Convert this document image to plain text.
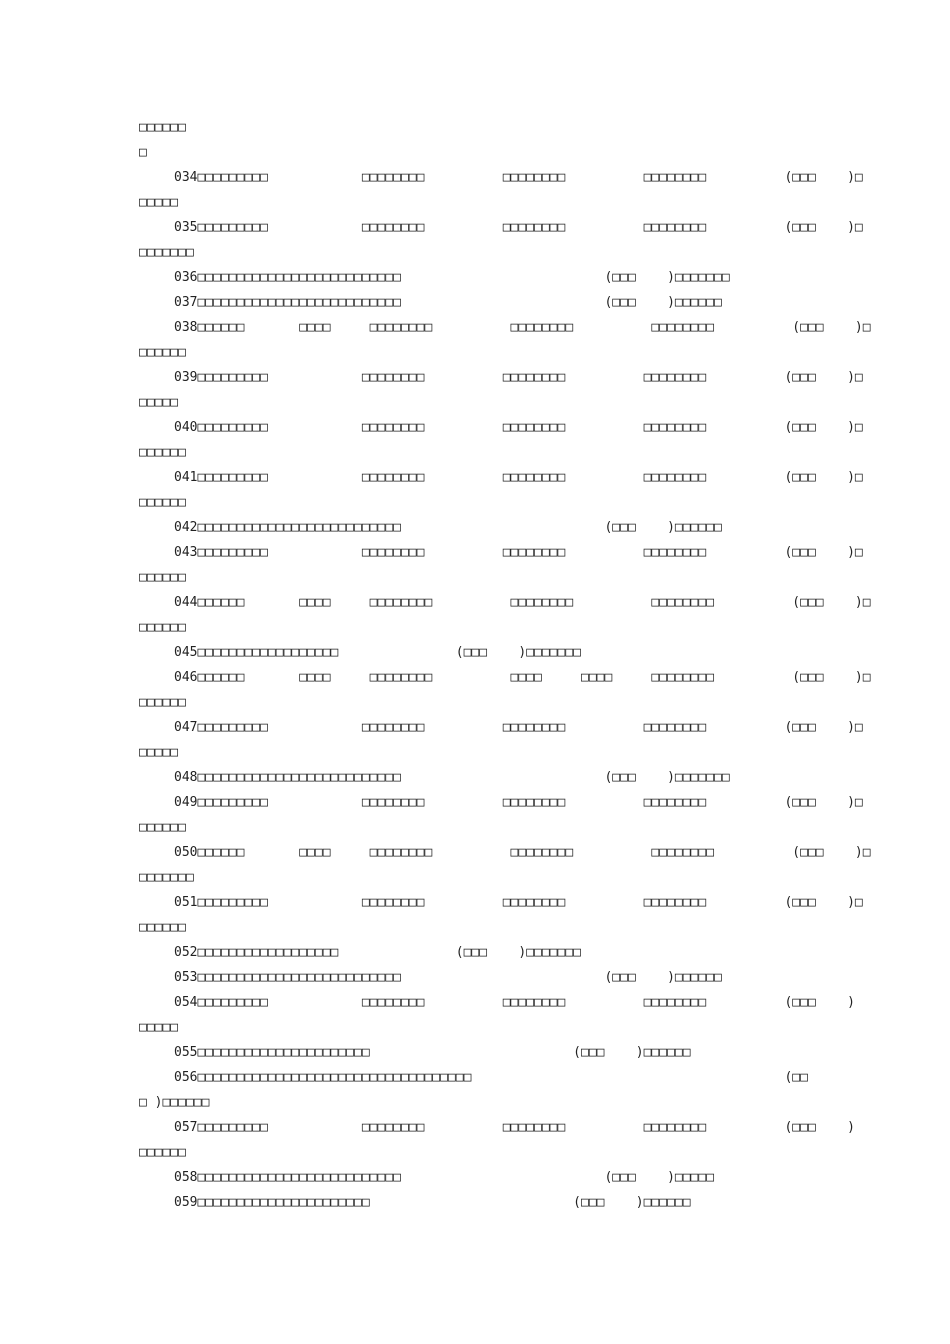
□□□□□□
□
034□□□□□□□□□            □□□□□□□□          □□□□□□□□          □□□□□□□□          (□□□    )□
□□□□□
035□□□□□□□□□            □□□□□□□□          □□□□□□□□          □□□□□□□□          (□□□    )□
□□□□□□□
036□□□□□□□□□□□□□□□□□□□□□□□□□□                          (□□□    )□□□□□□□
037□□□□□□□□□□□□□□□□□□□□□□□□□□                          (□□□    )□□□□□□
038□□□□□□       □□□□     □□□□□□□□          □□□□□□□□          □□□□□□□□          (□□□    )□
□□□□□□
039□□□□□□□□□            □□□□□□□□          □□□□□□□□          □□□□□□□□          (□□□    )□
□□□□□
040□□□□□□□□□            □□□□□□□□          □□□□□□□□          □□□□□□□□          (□□□    )□
□□□□□□
041□□□□□□□□□            □□□□□□□□          □□□□□□□□          □□□□□□□□          (□□□    )□
□□□□□□
042□□□□□□□□□□□□□□□□□□□□□□□□□□                          (□□□    )□□□□□□
043□□□□□□□□□            □□□□□□□□          □□□□□□□□          □□□□□□□□          (□□□    )□
□□□□□□
044□□□□□□       □□□□     □□□□□□□□          □□□□□□□□          □□□□□□□□          (□□□    )□
□□□□□□
045□□□□□□□□□□□□□□□□□□               (□□□    )□□□□□□□
046□□□□□□       □□□□     □□□□□□□□          □□□□     □□□□     □□□□□□□□          (□□□    )□
□□□□□□
047□□□□□□□□□            □□□□□□□□          □□□□□□□□          □□□□□□□□          (□□□    )□
□□□□□
048□□□□□□□□□□□□□□□□□□□□□□□□□□                          (□□□    )□□□□□□□
049□□□□□□□□□            □□□□□□□□          □□□□□□□□          □□□□□□□□          (□□□    )□
□□□□□□
050□□□□□□       □□□□     □□□□□□□□          □□□□□□□□          □□□□□□□□          (□□□    )□
□□□□□□□
051□□□□□□□□□            □□□□□□□□          □□□□□□□□          □□□□□□□□          (□□□    )□
□□□□□□
052□□□□□□□□□□□□□□□□□□               (□□□    )□□□□□□□
053□□□□□□□□□□□□□□□□□□□□□□□□□□                          (□□□    )□□□□□□
054□□□□□□□□□            □□□□□□□□          □□□□□□□□          □□□□□□□□          (□□□    )
□□□□□
055□□□□□□□□□□□□□□□□□□□□□□                          (□□□    )□□□□□□
056□□□□□□□□□□□□□□□□□□□□□□□□□□□□□□□□□□□                                        (□□
□ )□□□□□□
057□□□□□□□□□            □□□□□□□□          □□□□□□□□          □□□□□□□□          (□□□    )
□□□□□□
058□□□□□□□□□□□□□□□□□□□□□□□□□□                          (□□□    )□□□□□
059□□□□□□□□□□□□□□□□□□□□□□                          (□□□    )□□□□□□
